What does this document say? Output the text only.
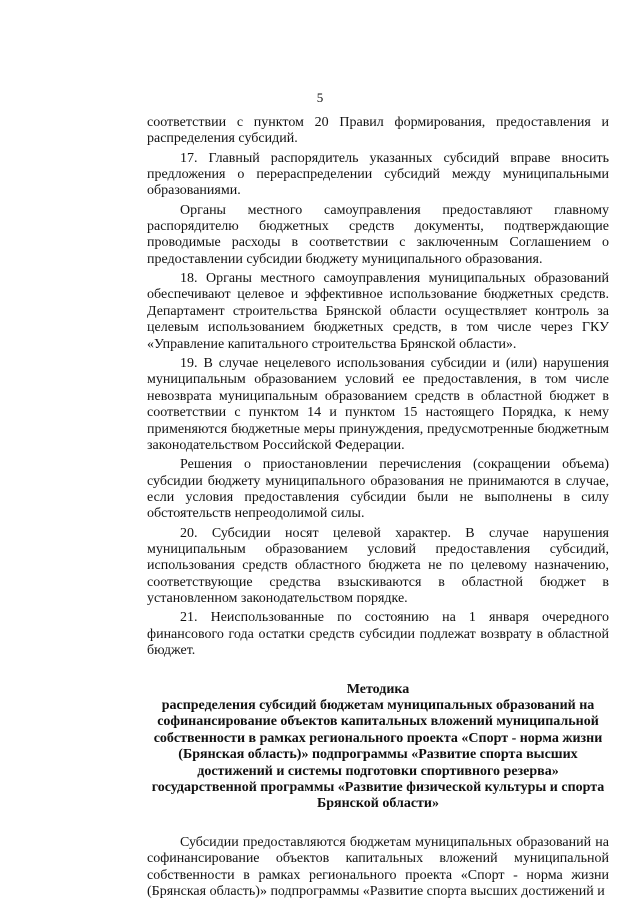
5

соответствии с пунктом 20 Правил формирования, предоставления и распределения субсидий.

17. Главный распорядитель указанных субсидий вправе вносить предложения о перераспределении субсидий между муниципальными образованиями.

Органы местного самоуправления предоставляют главному распорядителю бюджетных средств документы, подтверждающие проводимые расходы в соответствии с заключенным Соглашением о предоставлении субсидии бюджету муниципального образования.

18. Органы местного самоуправления муниципальных образований обеспечивают целевое и эффективное использование бюджетных средств. Департамент строительства Брянской области осуществляет контроль за целевым использованием бюджетных средств, в том числе через ГКУ «Управление капитального строительства Брянской области».

19. В случае нецелевого использования субсидии и (или) нарушения муниципальным образованием условий ее предоставления, в том числе невозврата муниципальным образованием средств в областной бюджет в соответствии с пунктом 14 и пунктом 15 настоящего Порядка, к нему применяются бюджетные меры принуждения, предусмотренные бюджетным законодательством Российской Федерации.

Решения о приостановлении перечисления (сокращении объема) субсидии бюджету муниципального образования не принимаются в случае, если условия предоставления субсидии были не выполнены в силу обстоятельств непреодолимой силы.

20. Субсидии носят целевой характер. В случае нарушения муниципальным образованием условий предоставления субсидий, использования средств областного бюджета не по целевому назначению, соответствующие средства взыскиваются в областной бюджет в установленном законодательством порядке.

21. Неиспользованные по состоянию на 1 января очередного финансового года остатки средств субсидии подлежат возврату в областной бюджет.

Методика
распределения субсидий бюджетам муниципальных образований на софинансирование объектов капитальных вложений муниципальной собственности в рамках регионального проекта «Спорт - норма жизни (Брянская область)» подпрограммы «Развитие спорта высших достижений и системы подготовки спортивного резерва» государственной программы «Развитие физической культуры и спорта Брянской области»

Субсидии предоставляются бюджетам муниципальных образований на софинансирование объектов капитальных вложений муниципальной собственности в рамках регионального проекта «Спорт - норма жизни (Брянская область)» подпрограммы «Развитие спорта высших достижений и
